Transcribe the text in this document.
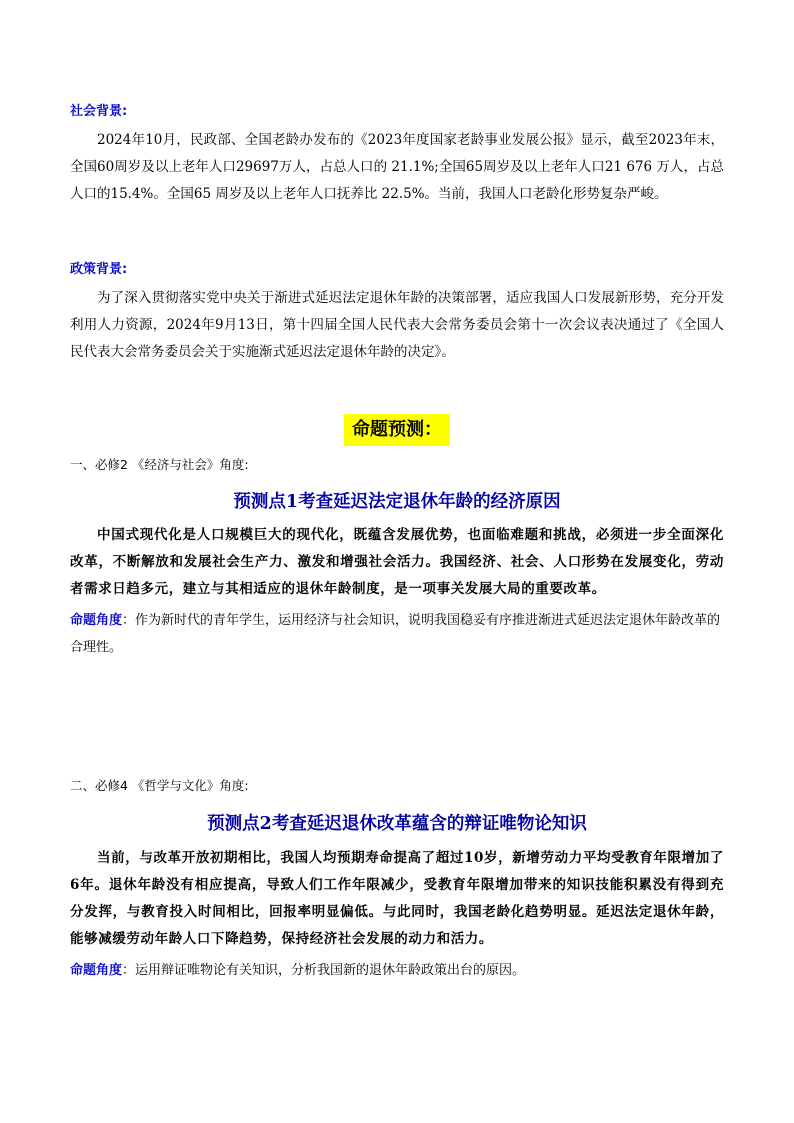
社会背景:

2024年10月，民政部、全国老龄办发布的《2023年度国家老龄事业发展公报》显示，截至2023年末，全国60周岁及以上老年人口29697万人，占总人口的 21.1%;全国65周岁及以上老年人口21 676 万人，占总人口的15.4%。全国65 周岁及以上老年人口抚养比 22.5%。当前，我国人口老龄化形势复杂严峻。

政策背景:

为了深入贯彻落实党中央关于渐进式延迟法定退休年龄的决策部署，适应我国人口发展新形势，充分开发利用人力资源，2024年9月13日，第十四届全国人民代表大会常务委员会第十一次会议表决通过了《全国人民代表大会常务委员会关于实施渐式延迟法定退休年龄的决定》。

命题预测：
一、必修2 《经济与社会》角度:
预测点1考查延迟法定退休年龄的经济原因

中国式现代化是人口规模巨大的现代化，既蕴含发展优势，也面临难题和挑战，必须进一步全面深化改革，不断解放和发展社会生产力、激发和增强社会活力。我国经济、社会、人口形势在发展变化，劳动者需求日趋多元，建立与其相适应的退休年龄制度，是一项事关发展大局的重要改革。

命题角度：作为新时代的青年学生，运用经济与社会知识，说明我国稳妥有序推进渐进式延迟法定退休年龄改革的合理性。

二、必修4 《哲学与文化》角度:
预测点2考查延迟退休改革蕴含的辩证唯物论知识

当前，与改革开放初期相比，我国人均预期寿命提高了超过10岁，新增劳动力平均受教育年限增加了6年。退休年龄没有相应提高，导致人们工作年限减少，受教育年限增加带来的知识技能积累没有得到充分发挥，与教育投入时间相比，回报率明显偏低。与此同时，我国老龄化趋势明显。延迟法定退休年龄，能够减缓劳动年龄人口下降趋势，保持经济社会发展的动力和活力。

命题角度：运用辩证唯物论有关知识，分析我国新的退休年龄政策出台的原因。
